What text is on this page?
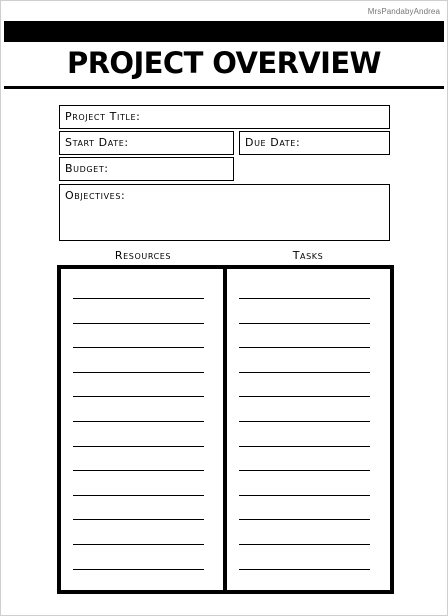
MrsPandabyAndrea
PROJECT OVERVIEW
Project Title:
Start Date:	Due Date:
Budget:
Objectives:
Resources	Tasks
